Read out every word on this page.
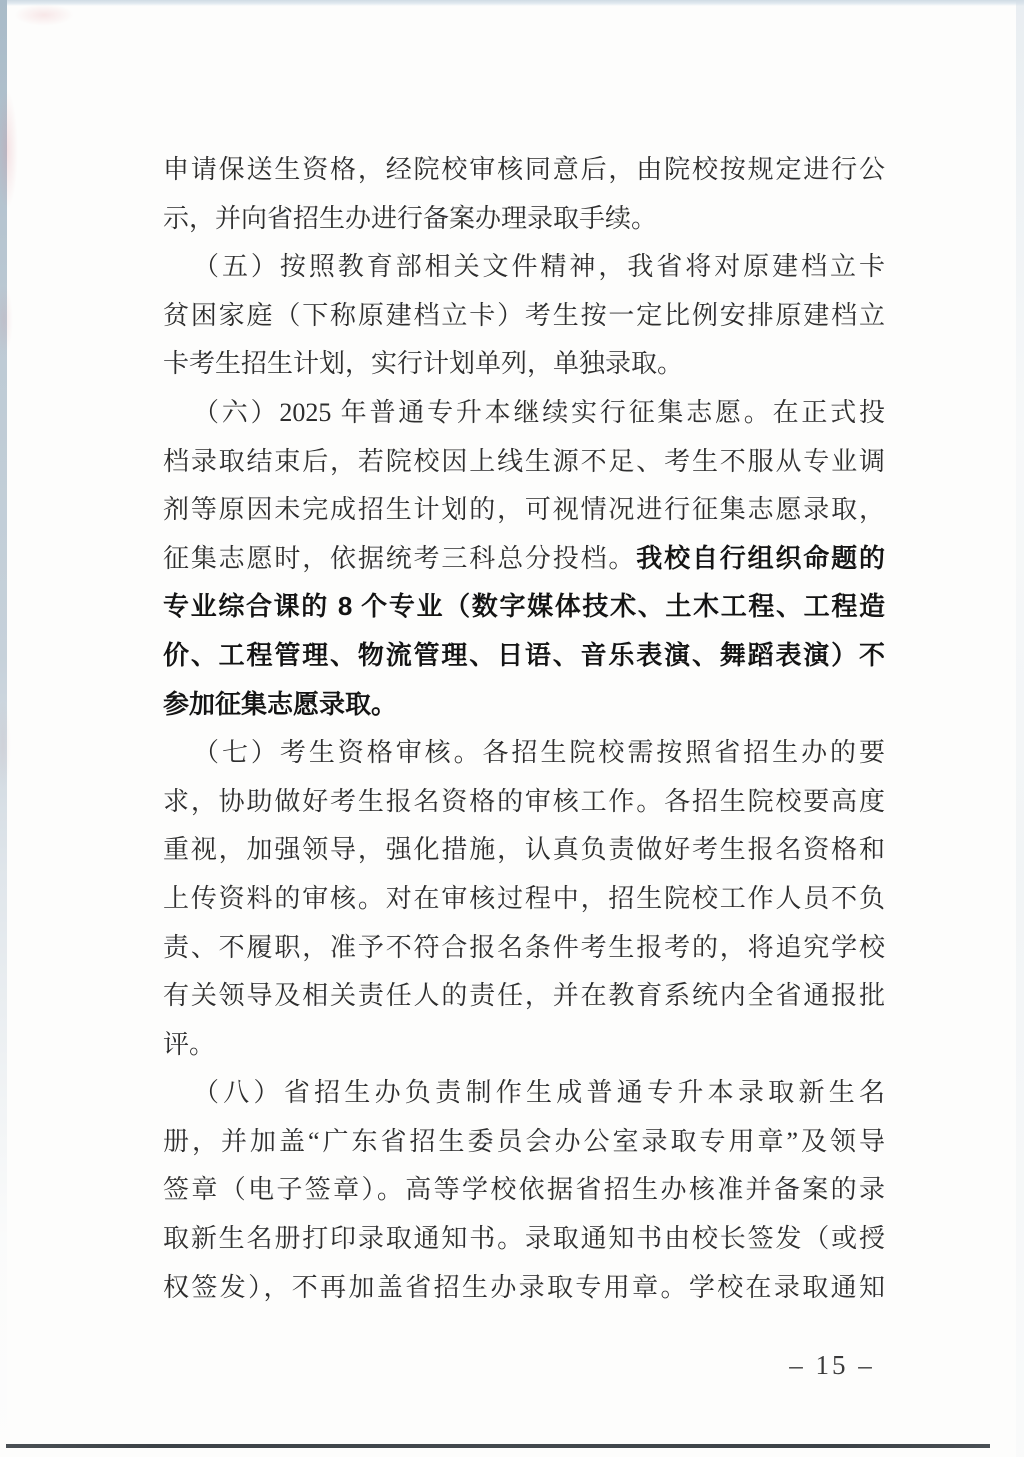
申请保送生资格，经院校审核同意后，由院校按规定进行公
示，并向省招生办进行备案办理录取手续。
（五）按照教育部相关文件精神，我省将对原建档立卡
贫困家庭（下称原建档立卡）考生按一定比例安排原建档立
卡考生招生计划，实行计划单列，单独录取。
（六）2025 年普通专升本继续实行征集志愿。在正式投
档录取结束后，若院校因上线生源不足、考生不服从专业调
剂等原因未完成招生计划的，可视情况进行征集志愿录取，
征集志愿时，依据统考三科总分投档。我校自行组织命题的
专业综合课的 8 个专业（数字媒体技术、土木工程、工程造
价、工程管理、物流管理、日语、音乐表演、舞蹈表演）不
参加征集志愿录取。
（七）考生资格审核。各招生院校需按照省招生办的要
求，协助做好考生报名资格的审核工作。各招生院校要高度
重视，加强领导，强化措施，认真负责做好考生报名资格和
上传资料的审核。对在审核过程中，招生院校工作人员不负
责、不履职，准予不符合报名条件考生报考的，将追究学校
有关领导及相关责任人的责任，并在教育系统内全省通报批
评。
（八）省招生办负责制作生成普通专升本录取新生名
册，并加盖“广东省招生委员会办公室录取专用章”及领导
签章（电子签章）。高等学校依据省招生办核准并备案的录
取新生名册打印录取通知书。录取通知书由校长签发（或授
权签发），不再加盖省招生办录取专用章。学校在录取通知
– 15 –
